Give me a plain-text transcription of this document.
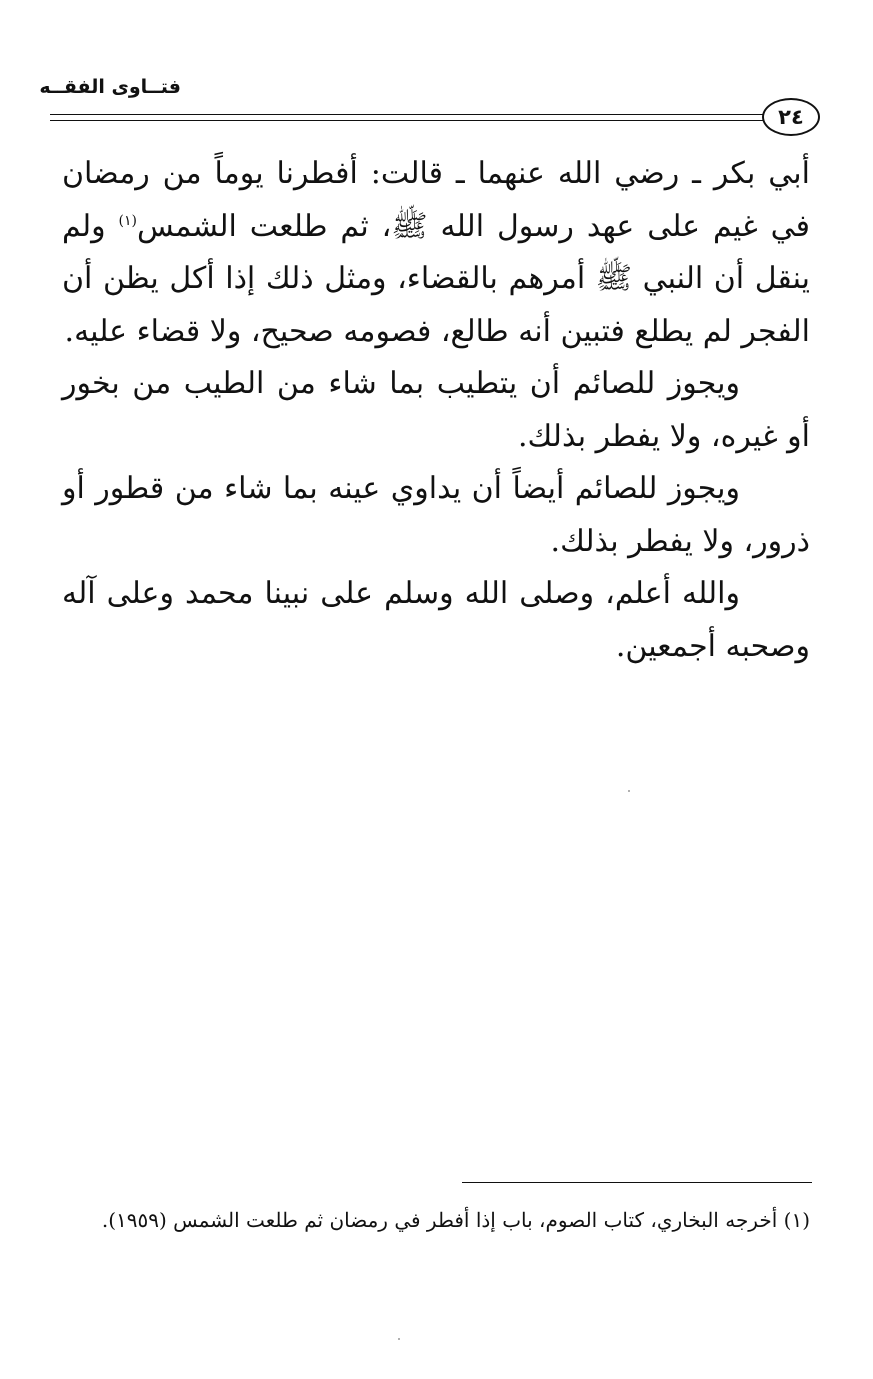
فتــاوى الفقــه
٢٤

أبي بكر ـ رضي الله عنهما ـ قالت: أفطرنا يوماً من رمضان في غيم على عهد رسول الله ﷺ، ثم طلعت الشمس$^{(١)}$ ولم ينقل أن النبي ﷺ أمرهم بالقضاء، ومثل ذلك إذا أكل يظن أن الفجر لم يطلع فتبين أنه طالع، فصومه صحيح، ولا قضاء عليه.

ويجوز للصائم أن يتطيب بما شاء من الطيب من بخور أو غيره، ولا يفطر بذلك.

ويجوز للصائم أيضاً أن يداوي عينه بما شاء من قطور أو ذرور، ولا يفطر بذلك.

والله أعلم، وصلى الله وسلم على نبينا محمد وعلى آله وصحبه أجمعين.

(١) أخرجه البخاري، كتاب الصوم، باب إذا أفطر في رمضان ثم طلعت الشمس (١٩٥٩).
